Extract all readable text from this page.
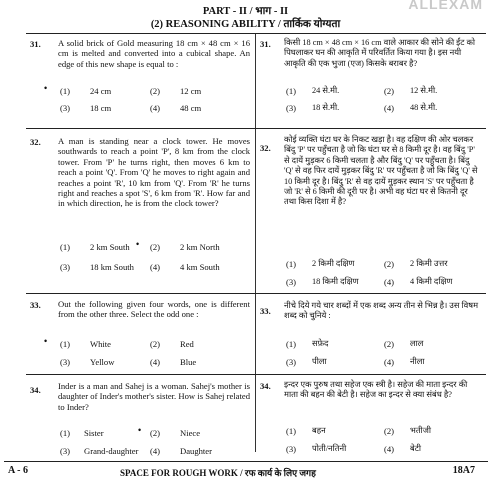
ALLEXAM
PART - II / भाग - II
(2) REASONING ABILITY / तार्किक योग्यता
31. A solid brick of Gold measuring 18 cm × 48 cm × 16 cm is melted and converted into a cubical shape. An edge of this new shape is equal to :
• (1) 24 cm	(2) 12 cm
(3) 18 cm	(4) 48 cm
31. किसी 18 cm × 48 cm × 16 cm वाले आकार की सोने की ईंट को पिघलाकर घन की आकृति में परिवर्तित किया गया है। इस नयी आकृति की एक भुजा (एज) किसके बराबर है?
(1) 24 से.मी.	(2) 12 से.मी.
(3) 18 से.मी.	(4) 48 से.मी.
32. A man is standing near a clock tower. He moves southwards to reach a point 'P', 8 km from the clock tower. From 'P' he turns right, then moves 6 km to reach a point 'Q'. From 'Q' he moves to right again and reaches a point 'R', 10 km from 'Q'. From 'R' he turns right and reaches a spot 'S', 6 km from 'R'. How far and in which direction, he is from the clock tower?
(1) 2 km South • (2) 2 km North
(3) 18 km South (4) 4 km South
32.
कोई व्यक्ति घंटा घर के निकट खड़ा है। वह दक्षिण की ओर चलकर बिंदु 'P' पर पहुँचता है जो कि घंटा घर से 8 किमी दूर है। वह बिंदु 'P' से दायें मुड़कर 6 किमी चलता है और बिंदु 'Q' पर पहुँचता है। बिंदु 'Q' से वह फिर दायें मुड़कर बिंदु 'R' पर पहुँचता है जो कि बिंदु 'Q' से 10 किमी दूर है। बिंदु 'R' से वह दायें मुड़कर स्थान 'S' पर पहुँचता है जो 'R' से 6 किमी की दूरी पर है। अभी वह घंटा घर से कितनी दूर तथा किस दिशा में है?
(1) 2 किमी दक्षिण	(2) 2 किमी उत्तर
(3) 18 किमी दक्षिण	(4) 4 किमी दक्षिण
33. Out the following given four words, one is different from the other three. Select the odd one :
• (1) White	(2) Red
(3) Yellow	(4) Blue
33.
नीचे दिये गये चार शब्दों में एक शब्द अन्य तीन से भिन्न है। उस विषम शब्द को चुनिये :
(1) सफ़ेद	(2) लाल
(3) पीला	(4) नीला
34. Inder is a man and Sahej is a woman. Sahej's mother is daughter of Inder's mother's sister. How is Sahej related to Inder?
(1) Sister	• (2) Niece
(3) Grand-daughter (4) Daughter
34. इन्दर एक पुरुष तथा सहेज एक स्त्री है। सहेज की माता इन्दर की माता की बहन की बेटी है। सहेज का इन्दर से क्या संबंध है?
(1) बहन	(2) भतीजी
(3) पोती/नतिनी	(4) बेटी
A - 6	SPACE FOR ROUGH WORK / रफ कार्य के लिए जगह	18A7
